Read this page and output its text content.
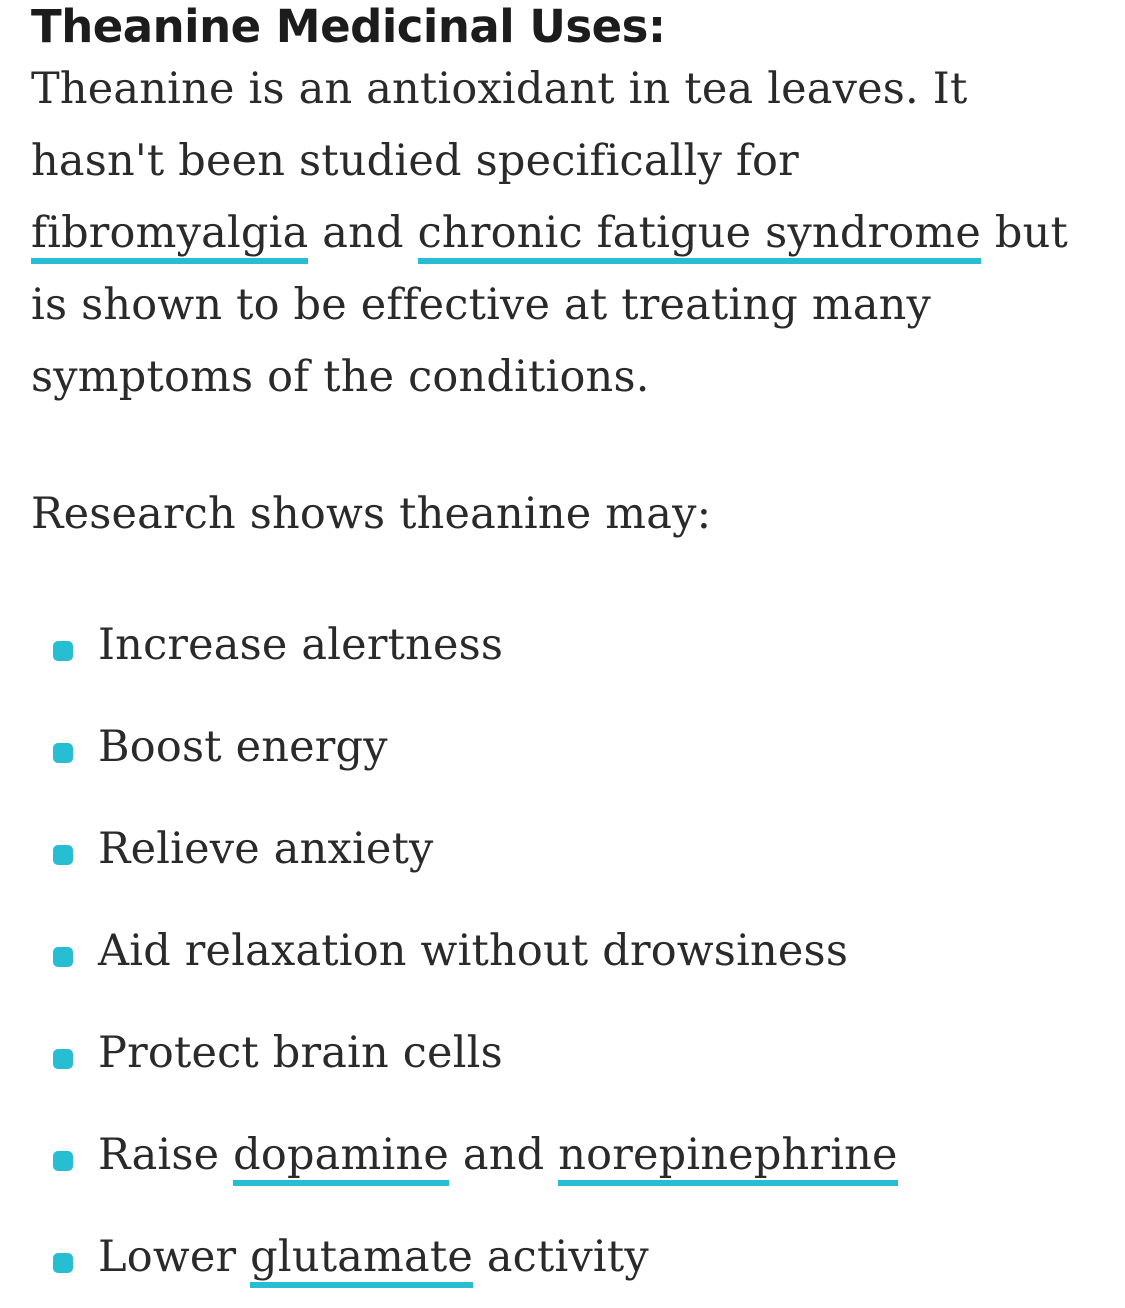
Theanine Medicinal Uses:

Theanine is an antioxidant in tea leaves. It
hasn't been studied specifically for
fibromyalgia and chronic fatigue syndrome but
is shown to be effective at treating many
symptoms of the conditions.

Research shows theanine may:

Increase alertness
Boost energy
Relieve anxiety
Aid relaxation without drowsiness
Protect brain cells
Raise dopamine and norepinephrine
Lower glutamate activity
